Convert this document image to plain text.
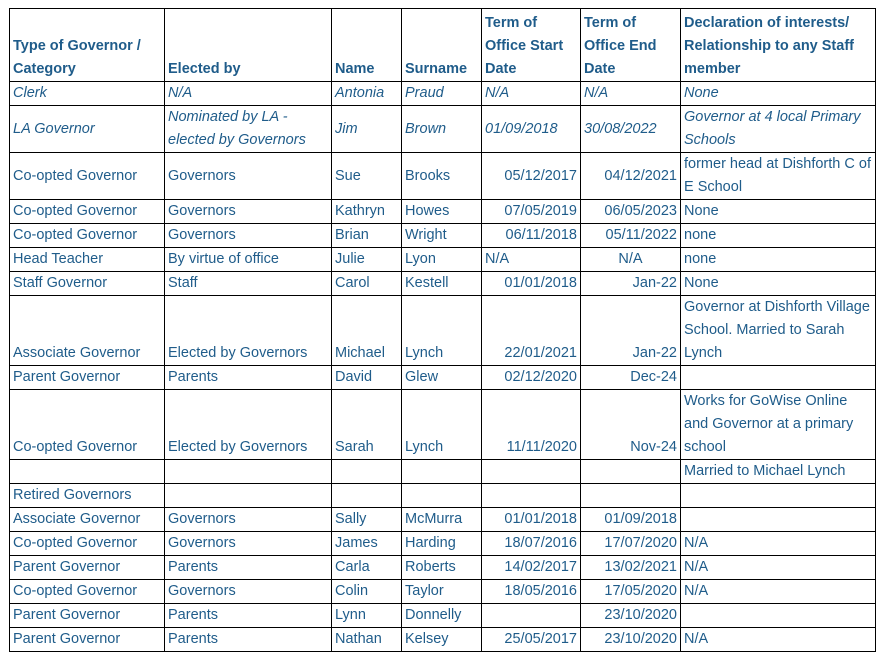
Type of Governor / Category	Elected by	Name	Surname	Term of Office Start Date	Term of Office End Date	Declaration of interests/ Relationship to any Staff member
Clerk	N/A	Antonia	Praud	N/A	N/A	None
LA Governor	Nominated by LA - elected by Governors	Jim	Brown	01/09/2018	30/08/2022	Governor at 4 local Primary Schools
Co-opted Governor	Governors	Sue	Brooks	05/12/2017	04/12/2021	former head at Dishforth C of E School
Co-opted Governor	Governors	Kathryn	Howes	07/05/2019	06/05/2023	None
Co-opted Governor	Governors	Brian	Wright	06/11/2018	05/11/2022	none
Head Teacher	By virtue of office	Julie	Lyon	N/A	N/A	none
Staff Governor	Staff	Carol	Kestell	01/01/2018	Jan-22	None
Associate Governor	Elected by Governors	Michael	Lynch	22/01/2021	Jan-22	Governor at Dishforth Village School. Married to Sarah Lynch
Parent Governor	Parents	David	Glew	02/12/2020	Dec-24	
Co-opted Governor	Elected by Governors	Sarah	Lynch	11/11/2020	Nov-24	Works for GoWise Online and Governor at a primary school
						Married to Michael Lynch
Retired Governors						
Associate Governor	Governors	Sally	McMurra	01/01/2018	01/09/2018	
Co-opted Governor	Governors	James	Harding	18/07/2016	17/07/2020	N/A
Parent Governor	Parents	Carla	Roberts	14/02/2017	13/02/2021	N/A
Co-opted Governor	Governors	Colin	Taylor	18/05/2016	17/05/2020	N/A
Parent Governor	Parents	Lynn	Donnelly		23/10/2020	
Parent Governor	Parents	Nathan	Kelsey	25/05/2017	23/10/2020	N/A
